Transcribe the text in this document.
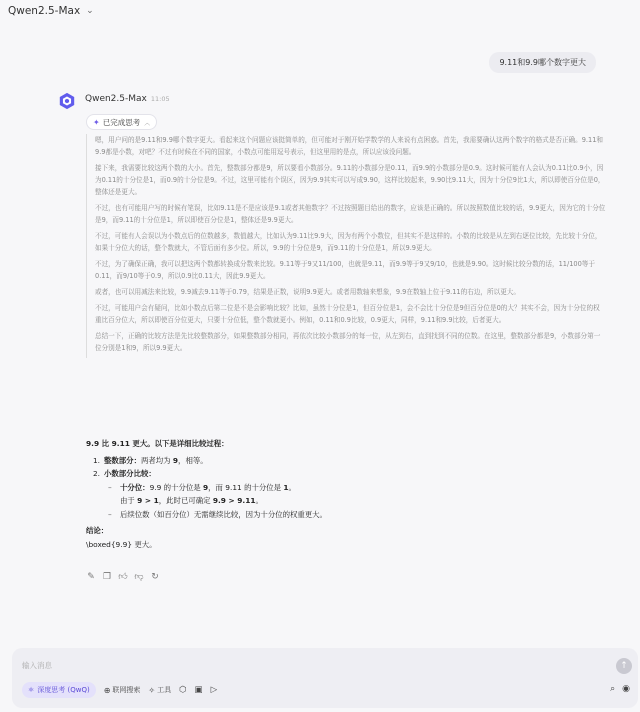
Qwen2.5-Max ⌄
9.11和9.9哪个数字更大
Qwen2.5-Max 11:05
✦ 已完成思考 ︿

嗯，用户问的是9.11和9.9哪个数字更大。看起来这个问题应该挺简单的，但可能对于刚开始学数学的人来说有点困惑。首先，我需要确认这两个数字的格式是否正确。9.11和9.9都是小数，对吧？不过有时候在不同的国家，小数点可能用逗号表示，但这里用的是点，所以应该没问题。

接下来，我需要比较这两个数的大小。首先，整数部分都是9，所以要看小数部分。9.11的小数部分是0.11，而9.9的小数部分是0.9。这时候可能有人会认为0.11比0.9小，因为0.11的十分位是1，而0.9的十分位是9。不过，这里可能有个误区，因为9.9其实可以写成9.90，这样比较起来，9.90比9.11大，因为十分位9比1大，所以即使百分位是0，整体还是更大。

不过，也有可能用户写的时候有笔误，比如9.11是不是应该是9.1或者其他数字？不过按照题目给出的数字，应该是正确的。所以按照数值比较的话，9.9更大，因为它的十分位是9，而9.11的十分位是1，所以即使百分位是1，整体还是9.9更大。

不过，可能有人会误以为小数点后的位数越多，数值越大，比如认为9.11比9.9大，因为有两个小数位，但其实不是这样的。小数的比较是从左到右逐位比较，先比较十分位，如果十分位大的话，整个数就大，不管后面有多少位。所以，9.9的十分位是9，而9.11的十分位是1，所以9.9更大。

不过，为了确保正确，我可以把这两个数都转换成分数来比较。9.11等于9又11/100，也就是9.11，而9.9等于9又9/10，也就是9.90。这时候比较分数的话，11/100等于0.11，而9/10等于0.9，所以0.9比0.11大，因此9.9更大。

或者，也可以用减法来比较，9.9减去9.11等于0.79，结果是正数，说明9.9更大。或者用数轴来想象，9.9在数轴上位于9.11的右边，所以更大。

不过，可能用户会有疑问，比如小数点后第二位是不是会影响比较？比如，虽然十分位是1，但百分位是1，会不会比十分位是9但百分位是0的大？其实不会，因为十分位的权重比百分位大，所以即使百分位更大，只要十分位低，整个数就更小。例如，0.11和0.9比较，0.9更大，同样，9.11和9.9比较，后者更大。

总结一下，正确的比较方法是先比较整数部分，如果整数部分相同，再依次比较小数部分的每一位，从左到右，直到找到不同的位数。在这里，整数部分都是9，小数部分第一位分别是1和9，所以9.9更大。

9.9 比 9.11 更大。以下是详细比较过程：
1. 整数部分：两者均为 9，相等。
2. 小数部分比较：
–	十分位：9.9 的十分位是 9，而 9.11 的十分位是 1。
由于 9 > 1，此时已可确定 9.9 > 9.11。
–	后续位数（如百分位）无需继续比较，因为十分位的权重更大。
结论：
\boxed{9.9} 更大。
✎ ❐ 👍︎ 👎︎ ↻
输入消息	↑
⚛ 深度思考 (QwQ) ⊕ 联网搜索 ✧ 工具 ⬡ ▣ ▷	⌕ ◉
